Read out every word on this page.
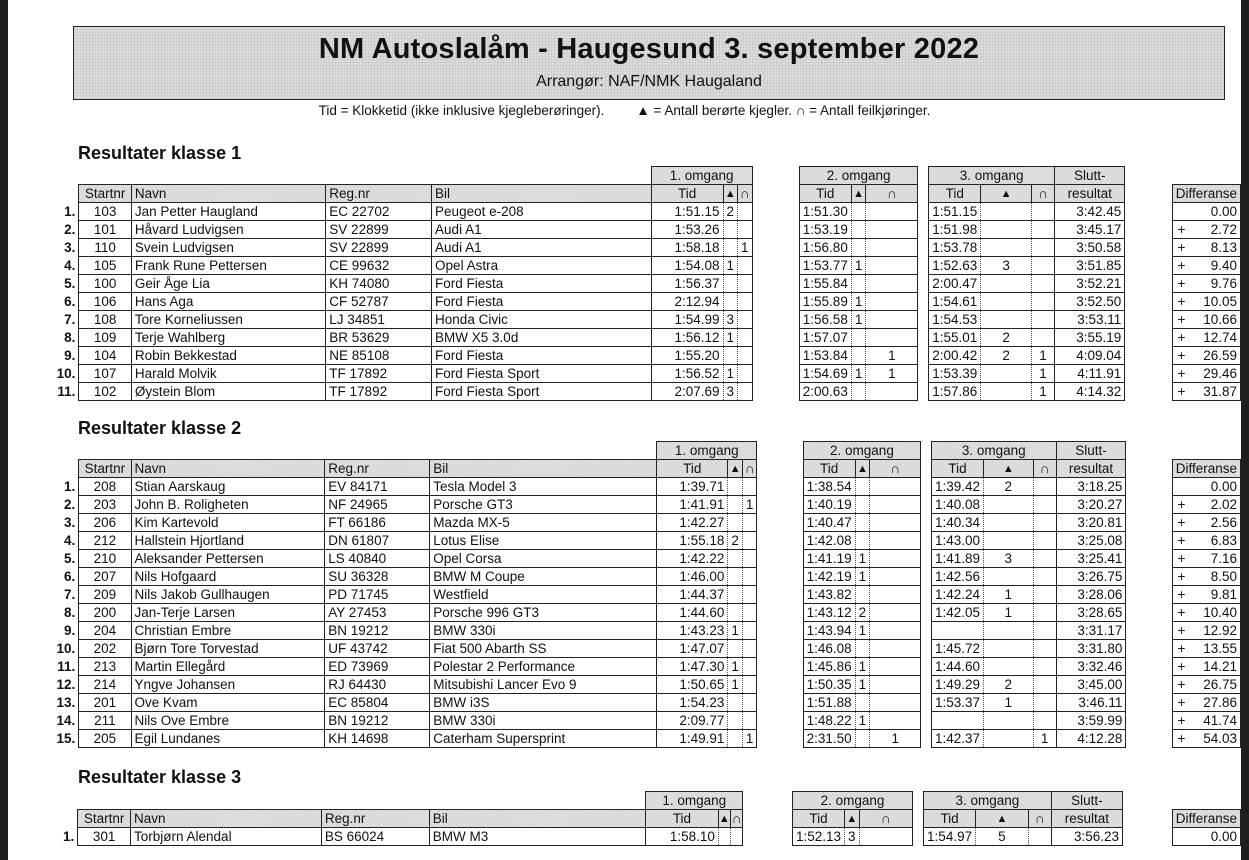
NM Autoslalåm - Haugesund 3. september 2022
Arrangør: NAF/NMK Haugaland
Tid = Klokketid (ikke inklusive kjegleberøringer). ▲ = Antall berørte kjegler. ∩ = Antall feilkjøringer.
Resultater klasse 1
						1. omgang				2. omgang				3. omgang			Slutt-			
	Startnr	Navn	Reg.nr	Bil		Tid	▲	∩		Tid	▲	∩		Tid	▲	∩	resultat		Differanse	
1.	103	Jan Petter Haugland	EC 22702	Peugeot e-208		1:51.15	2			1:51.30				1:51.15			3:42.45			0.00
2.	101	Håvard Ludvigsen	SV 22899	Audi A1		1:53.26				1:53.19				1:51.98			3:45.17		+	2.72
3.	110	Svein Ludvigsen	SV 22899	Audi A1		1:58.18		1		1:56.80				1:53.78			3:50.58		+	8.13
4.	105	Frank Rune Pettersen	CE 99632	Opel Astra		1:54.08	1			1:53.77	1			1:52.63	3		3:51.85		+	9.40
5.	100	Geir Åge Lia	KH 74080	Ford Fiesta		1:56.37				1:55.84				2:00.47			3:52.21		+	9.76
6.	106	Hans Aga	CF 52787	Ford Fiesta		2:12.94				1:55.89	1			1:54.61			3:52.50		+	10.05
7.	108	Tore Korneliussen	LJ 34851	Honda Civic		1:54.99	3			1:56.58	1			1:54.53			3:53.11		+	10.66
8.	109	Terje Wahlberg	BR 53629	BMW X5 3.0d		1:56.12	1			1:57.07				1:55.01	2		3:55.19		+	12.74
9.	104	Robin Bekkestad	NE 85108	Ford Fiesta		1:55.20				1:53.84		1		2:00.42	2	1	4:09.04		+	26.59
10.	107	Harald Molvik	TF 17892	Ford Fiesta Sport		1:56.52	1			1:54.69	1	1		1:53.39		1	4:11.91		+	29.46
11.	102	Øystein Blom	TF 17892	Ford Fiesta Sport		2:07.69	3			2:00.63				1:57.86		1	4:14.32		+	31.87
Resultater klasse 2
						1. omgang				2. omgang				3. omgang			Slutt-			
	Startnr	Navn	Reg.nr	Bil		Tid	▲	∩		Tid	▲	∩		Tid	▲	∩	resultat		Differanse	
1.	208	Stian Aarskaug	EV 84171	Tesla Model 3		1:39.71				1:38.54				1:39.42	2		3:18.25			0.00
2.	203	John B. Roligheten	NF 24965	Porsche GT3		1:41.91		1		1:40.19				1:40.08			3:20.27		+	2.02
3.	206	Kim Kartevold	FT 66186	Mazda MX-5		1:42.27				1:40.47				1:40.34			3:20.81		+	2.56
4.	212	Hallstein Hjortland	DN 61807	Lotus Elise		1:55.18	2			1:42.08				1:43.00			3:25.08		+	6.83
5.	210	Aleksander Pettersen	LS 40840	Opel Corsa		1:42.22				1:41.19	1			1:41.89	3		3:25.41		+	7.16
6.	207	Nils Hofgaard	SU 36328	BMW M Coupe		1:46.00				1:42.19	1			1:42.56			3:26.75		+	8.50
7.	209	Nils Jakob Gullhaugen	PD 71745	Westfield		1:44.37				1:43.82				1:42.24	1		3:28.06		+	9.81
8.	200	Jan-Terje Larsen	AY 27453	Porsche 996 GT3		1:44.60				1:43.12	2			1:42.05	1		3:28.65		+	10.40
9.	204	Christian Embre	BN 19212	BMW 330i		1:43.23	1			1:43.94	1						3:31.17		+	12.92
10.	202	Bjørn Tore Torvestad	UF 43742	Fiat 500 Abarth SS		1:47.07				1:46.08				1:45.72			3:31.80		+	13.55
11.	213	Martin Ellegård	ED 73969	Polestar 2 Performance		1:47.30	1			1:45.86	1			1:44.60			3:32.46		+	14.21
12.	214	Yngve Johansen	RJ 64430	Mitsubishi Lancer Evo 9		1:50.65	1			1:50.35	1			1:49.29	2		3:45.00		+	26.75
13.	201	Ove Kvam	EC 85804	BMW i3S		1:54.23				1:51.88				1:53.37	1		3:46.11		+	27.86
14.	211	Nils Ove Embre	BN 19212	BMW 330i		2:09.77				1:48.22	1						3:59.99		+	41.74
15.	205	Egil Lundanes	KH 14698	Caterham Supersprint		1:49.91		1		2:31.50		1		1:42.37		1	4:12.28		+	54.03
Resultater klasse 3
						1. omgang				2. omgang				3. omgang			Slutt-			
	Startnr	Navn	Reg.nr	Bil		Tid	▲	∩		Tid	▲	∩		Tid	▲	∩	resultat		Differanse	
1.	301	Torbjørn Alendal	BS 66024	BMW M3		1:58.10				1:52.13	3			1:54.97	5		3:56.23			0.00
